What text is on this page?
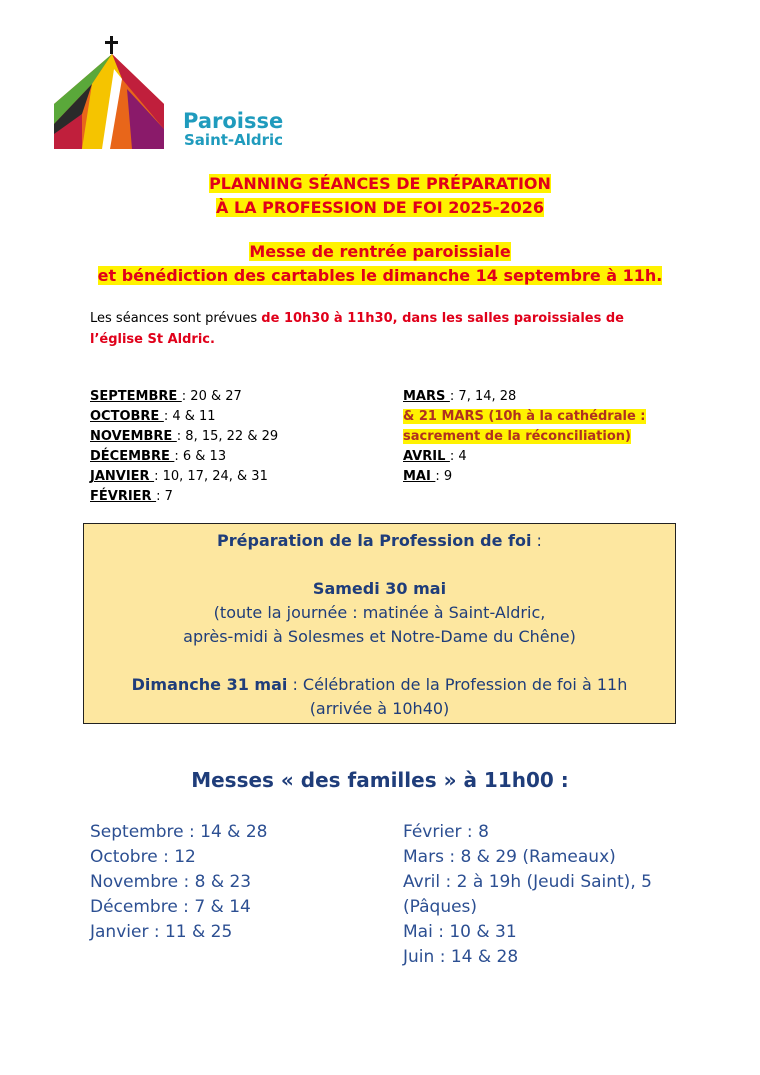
Paroisse
Saint-Aldric
PLANNING SÉANCES DE PRÉPARATION
À LA PROFESSION DE FOI 2025-2026
Messe de rentrée paroissiale
et bénédiction des cartables le dimanche 14 septembre à 11h.
Les séances sont prévues de 10h30 à 11h30, dans les salles paroissiales de l’église St Aldric.
SEPTEMBRE : 20 & 27
OCTOBRE : 4 & 11
NOVEMBRE : 8, 15, 22 & 29
DÉCEMBRE : 6 & 13
JANVIER : 10, 17, 24, & 31
FÉVRIER : 7
MARS : 7, 14, 28
& 21 MARS (10h à la cathédrale :
sacrement de la réconciliation)
AVRIL : 4
MAI : 9
Préparation de la Profession de foi :
Samedi 30 mai
(toute la journée : matinée à Saint-Aldric,
après-midi à Solesmes et Notre-Dame du Chêne)
Dimanche 31 mai : Célébration de la Profession de foi à 11h
(arrivée à 10h40)
Messes « des familles » à 11h00 :
Septembre : 14 & 28
Octobre : 12
Novembre : 8 & 23
Décembre : 7 & 14
Janvier : 11 & 25
Février : 8
Mars : 8 & 29 (Rameaux)
Avril : 2 à 19h (Jeudi Saint), 5
(Pâques)
Mai : 10 & 31
Juin : 14 & 28
